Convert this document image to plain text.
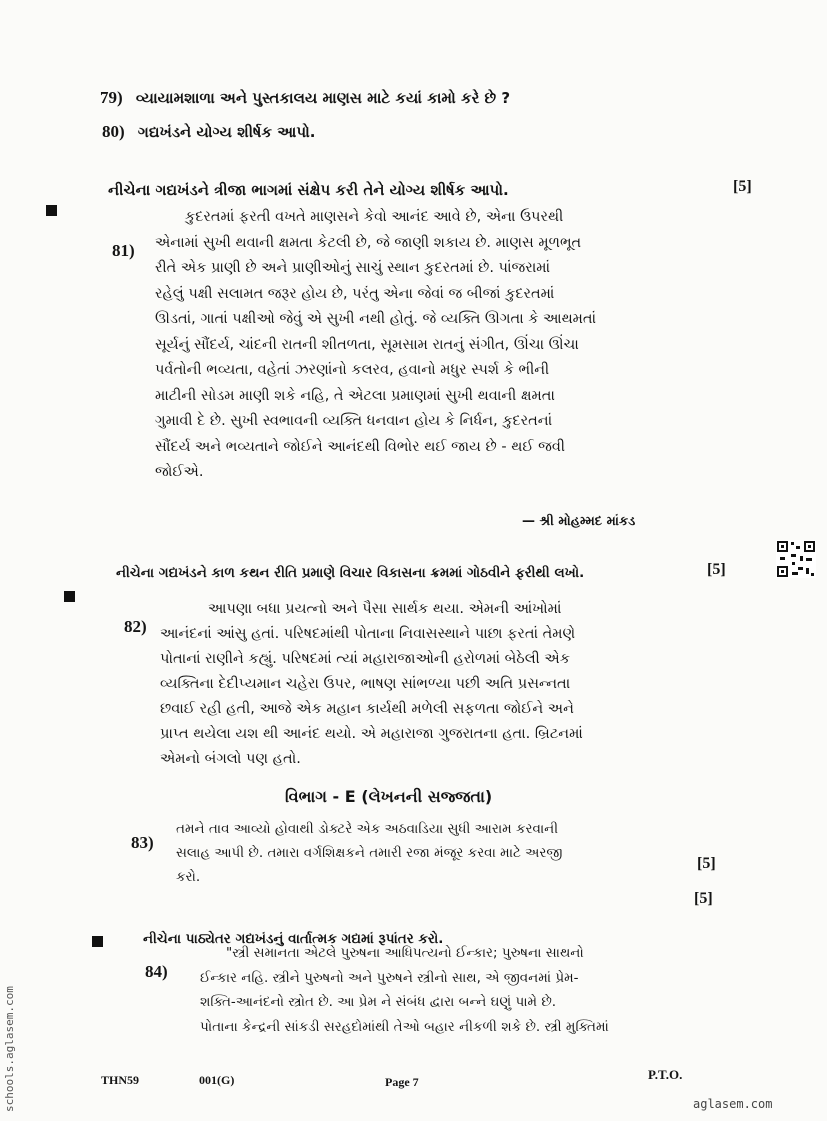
79) વ્યાયામશાળા અને પુસ્તકાલય માણસ માટે કયાં કામો કરે છે ?
80) ગદ્યખંડને યોગ્ય શીર્ષક આપો.
નીચેના ગદ્યખંડને ત્રીજા ભાગમાં સંક્ષેપ કરી તેને યોગ્ય શીર્ષક આપો.	[5]
81)
કુદરતમાં ફરતી વખતે માણસને કેવો આનંદ આવે છે, એના ઉપરથી
એનામાં સુખી થવાની ક્ષમતા કેટલી છે, જે જાણી શકાય છે. માણસ મૂળભૂત
રીતે એક પ્રાણી છે અને પ્રાણીઓનું સાચું સ્થાન કુદરતમાં છે. પાંજરામાં
રહેલું પક્ષી સલામત જરૂર હોય છે, પરંતુ એના જેવાં જ બીજાં કુદરતમાં
ઊડતાં, ગાતાં પક્ષીઓ જેવું એ સુખી નથી હોતું. જે વ્યક્તિ ઊગતા કે આથમતાં
સૂર્યનું સૌંદર્ય, ચાંદની રાતની શીતળતા, સૂમસામ રાતનું સંગીત, ઊંચા ઊંચા
પર્વતોની ભવ્યતા, વહેતાં ઝરણાંનો કલરવ, હવાનો મધુર સ્પર્શ કે ભીની
માટીની સોડમ માણી શકે નહિ, તે એટલા પ્રમાણમાં સુખી થવાની ક્ષમતા
ગુમાવી દે છે. સુખી સ્વભાવની વ્યક્તિ ધનવાન હોય કે નિર્ધન, કુદરતનાં
સૌંદર્ય અને ભવ્યતાને જોઈને આનંદથી વિભોર થઈ જાય છે - થઈ જવી
જોઈએ.
— શ્રી મોહમ્મદ માંકડ
નીચેના ગદ્યખંડને કાળ કથન રીતિ પ્રમાણે વિચાર વિકાસના ક્રમમાં ગોઠવીને ફરીથી લખો.	[5]
82)
આપણા બધા પ્રયત્નો અને પૈસા સાર્થક થયા. એમની આંખોમાં
આનંદનાં આંસુ હતાં. પરિષદમાંથી પોતાના નિવાસસ્થાને પાછા ફરતાં તેમણે
પોતાનાં રાણીને કહ્યું. પરિષદમાં ત્યાં મહારાજાઓની હરોળમાં બેઠેલી એક
વ્યક્તિના દેદીપ્યમાન ચહેરા ઉપર, ભાષણ સાંભળ્યા પછી અતિ પ્રસન્નતા
છવાઈ રહી હતી, આજે એક મહાન કાર્યથી મળેલી સફળતા જોઈને અને
પ્રાપ્ત થયેલા યશ થી આનંદ થયો. એ મહારાજા ગુજરાતના હતા. બ્રિટનમાં
એમનો બંગલો પણ હતો.
વિભાગ - E (લેખનની સજ્જતા)
83)
તમને તાવ આવ્યો હોવાથી ડોક્ટરે એક અઠવાડિયા સુધી આરામ કરવાની
સલાહ આપી છે. તમારા વર્ગશિક્ષકને તમારી રજા મંજૂર કરવા માટે અરજી
કરો.
[5]
[5]
નીચેના પાઠ્યેતર ગદ્યખંડનું વાર્તાત્મક ગદ્યમાં રૂપાંતર કરો.
84)
"સ્ત્રી સમાનતા એટલે પુરુષના આધિપત્યનો ઈન્કાર; પુરુષના સાથનો
ઈન્કાર નહિ. સ્ત્રીને પુરુષનો અને પુરુષને સ્ત્રીનો સાથ, એ જીવનમાં પ્રેમ-
શક્તિ-આનંદનો સ્ત્રોત છે. આ પ્રેમ ને સંબંધ દ્વારા બન્ને ઘણું પામે છે.
પોતાના કેન્દ્રની સાંકડી સરહદોમાંથી તેઓ બહાર નીકળી શકે છે. સ્ત્રી મુક્તિમાં
THN59	001(G)	Page 7	P.T.O.
schools.aglasem.com	aglasem.com
